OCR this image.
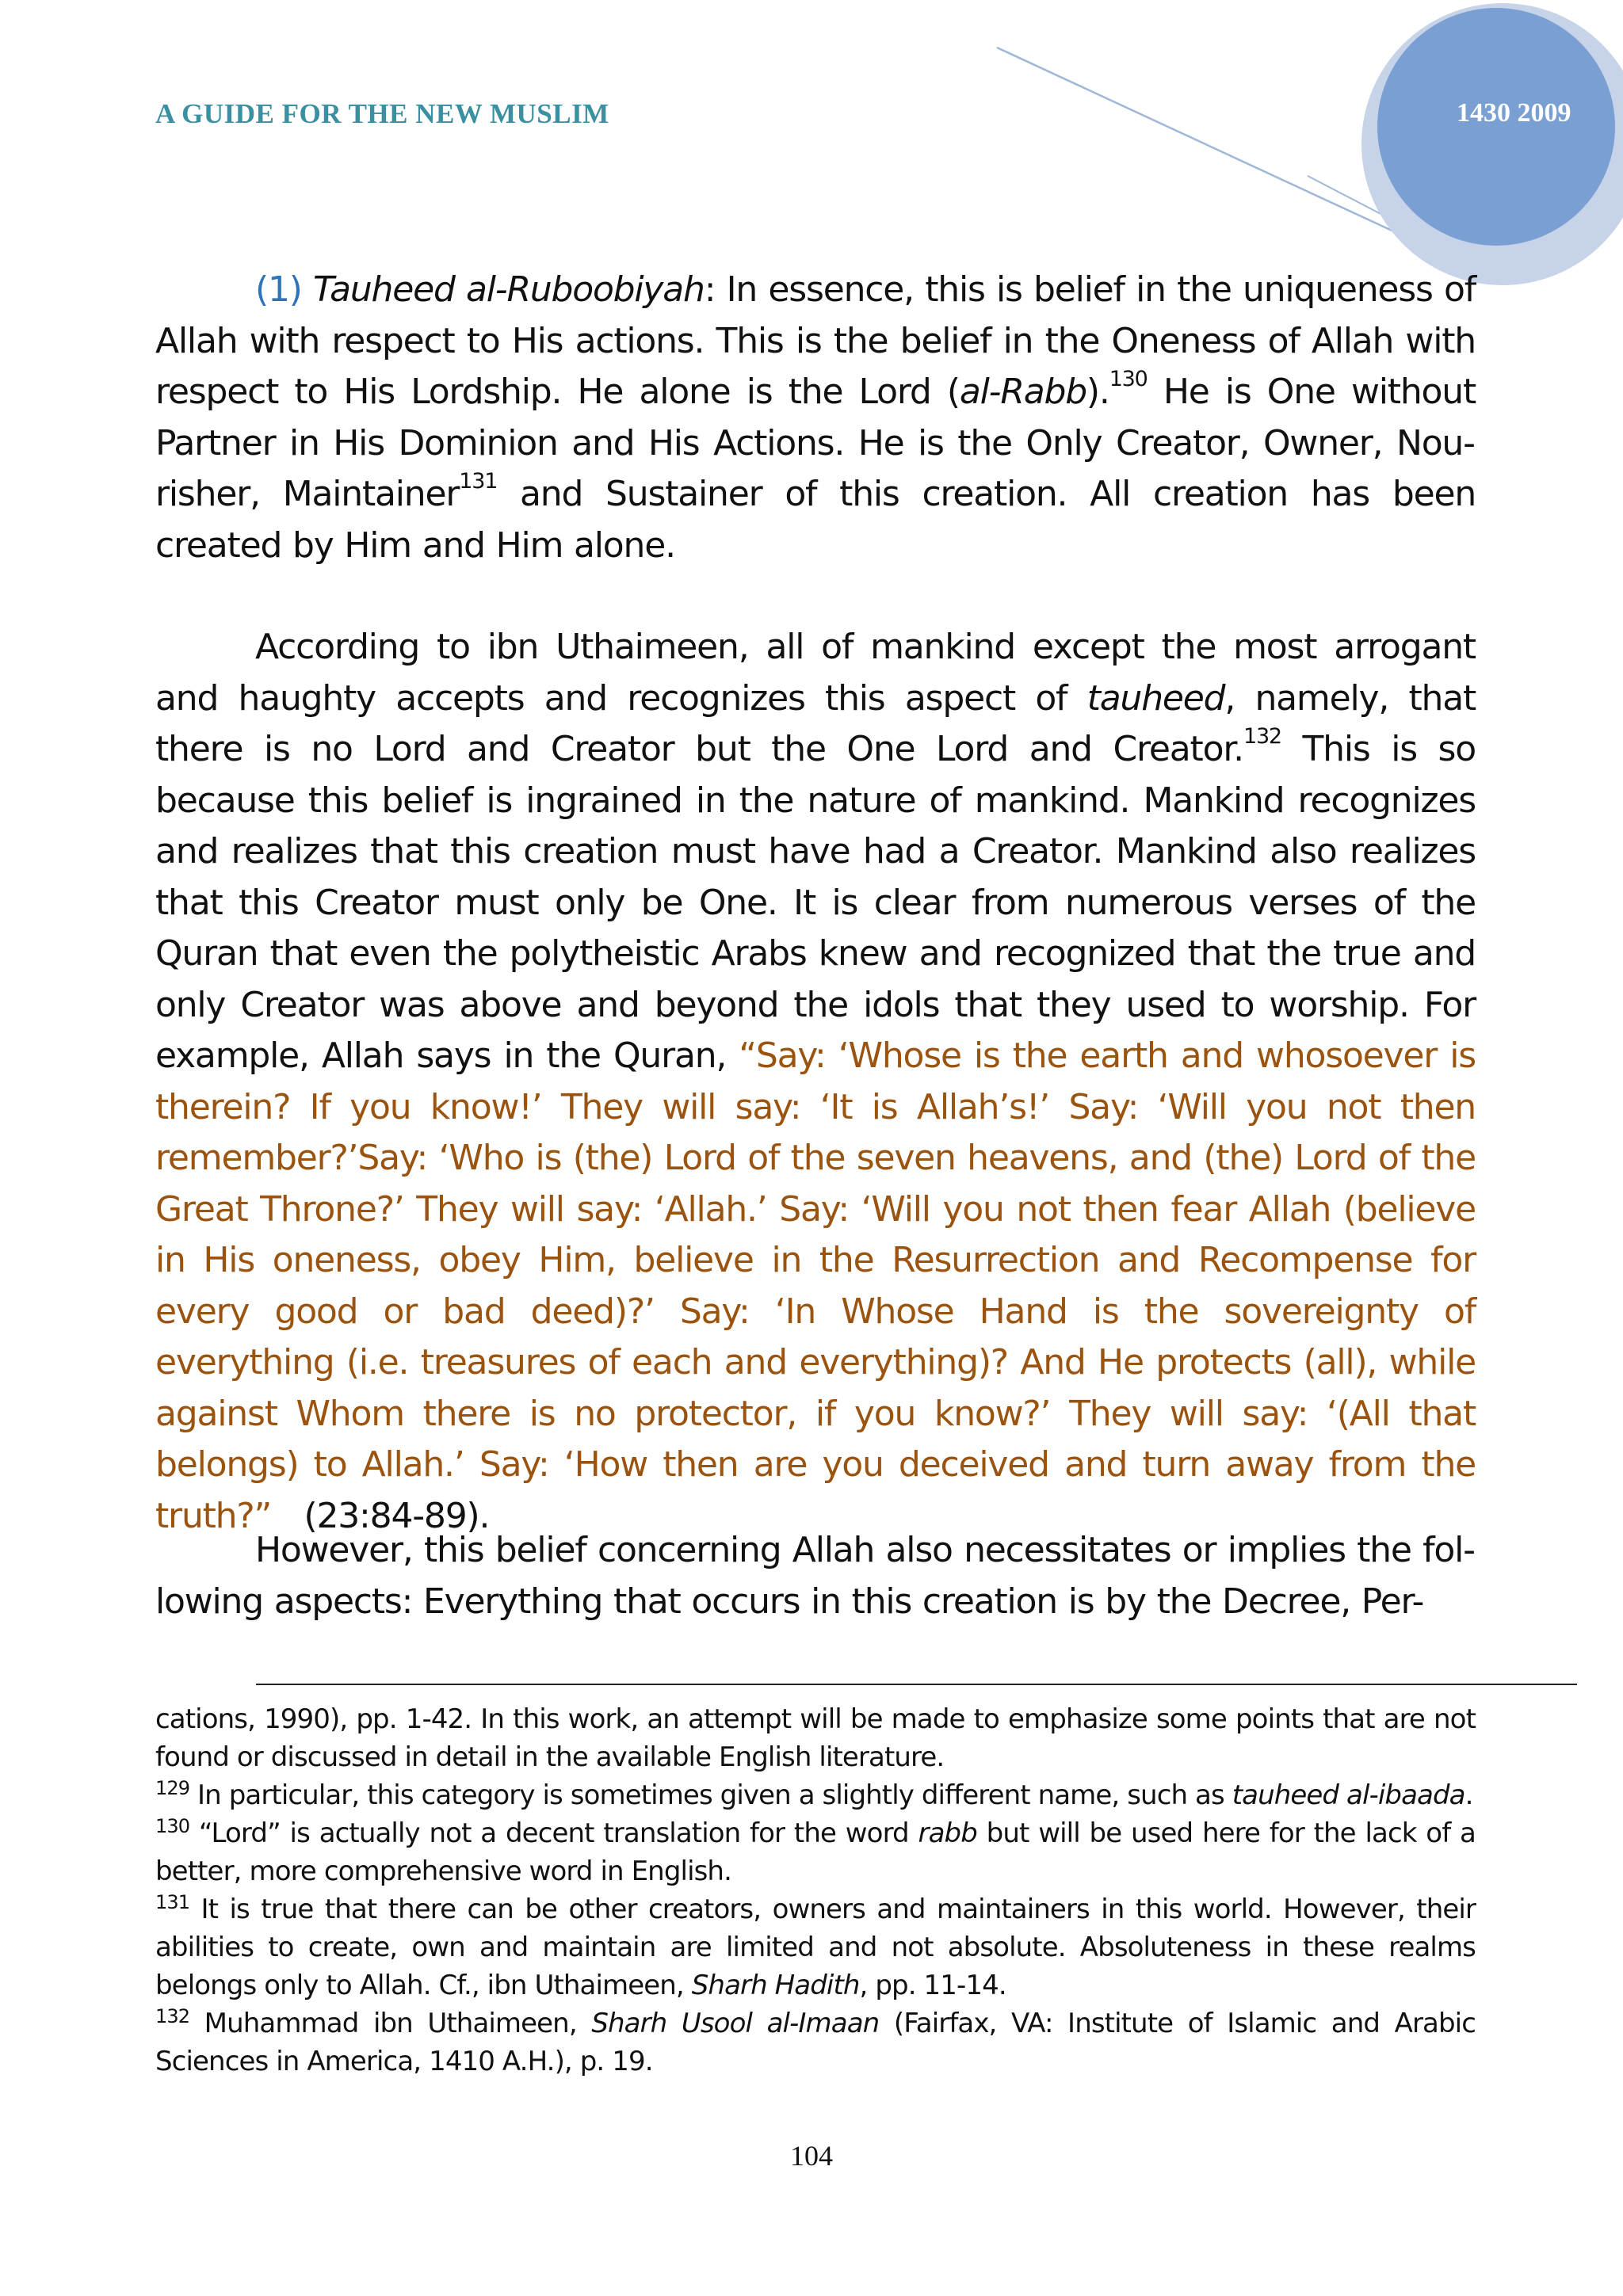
A GUIDE FOR THE NEW MUSLIM	1430 2009
(1) Tauheed al-Ruboobiyah: In essence, this is belief in the uniqueness of Allah with respect to His actions. This is the belief in the Oneness of Allah with respect to His Lordship. He alone is the Lord (al-Rabb).$^{130}$ He is One without Partner in His Dominion and His Actions. He is the Only Creator, Owner, Nourisher, Maintainer$^{131}$ and Sustainer of this creation. All creation has been created by Him and Him alone.
According to ibn Uthaimeen, all of mankind except the most arrogant and haughty accepts and recognizes this aspect of tauheed, namely, that there is no Lord and Creator but the One Lord and Creator.$^{132}$ This is so because this belief is ingrained in the nature of mankind. Mankind recognizes and realizes that this creation must have had a Creator. Mankind also realizes that this Creator must only be One. It is clear from numerous verses of the Quran that even the polytheistic Arabs knew and recognized that the true and only Creator was above and beyond the idols that they used to worship. For example, Allah says in the Quran, “Say: ‘Whose is the earth and whosoever is therein? If you know!’ They will say: ‘It is Allah’s!’ Say: ‘Will you not then remember?’Say: ‘Who is (the) Lord of the seven heavens, and (the) Lord of the Great Throne?’ They will say: ‘Allah.’ Say: ‘Will you not then fear Allah (believe in His oneness, obey Him, believe in the Resurrection and Recompense for every good or bad deed)?’ Say: ‘In Whose Hand is the sovereignty of everything (i.e. treasures of each and everything)? And He protects (all), while against Whom there is no protector, if you know?’ They will say: ‘(All that belongs) to Allah.’ Say: ‘How then are you deceived and turn away from the truth?”   (23:84-89).
However, this belief concerning Allah also necessitates or implies the following aspects: Everything that occurs in this creation is by the Decree, Per-

cations, 1990), pp. 1-42. In this work, an attempt will be made to emphasize some points that are not found or discussed in detail in the available English literature.

$^{129}$ In particular, this category is sometimes given a slightly different name, such as tauheed al-ibaada.

$^{130}$ “Lord” is actually not a decent translation for the word rabb but will be used here for the lack of a better, more comprehensive word in English.

$^{131}$ It is true that there can be other creators, owners and maintainers in this world. However, their abilities to create, own and maintain are limited and not absolute. Absoluteness in these realms belongs only to Allah. Cf., ibn Uthaimeen, Sharh Hadith, pp. 11-14.

$^{132}$ Muhammad ibn Uthaimeen, Sharh Usool al-Imaan (Fairfax, VA: Institute of Islamic and Arabic Sciences in America, 1410 A.H.), p. 19.

104
